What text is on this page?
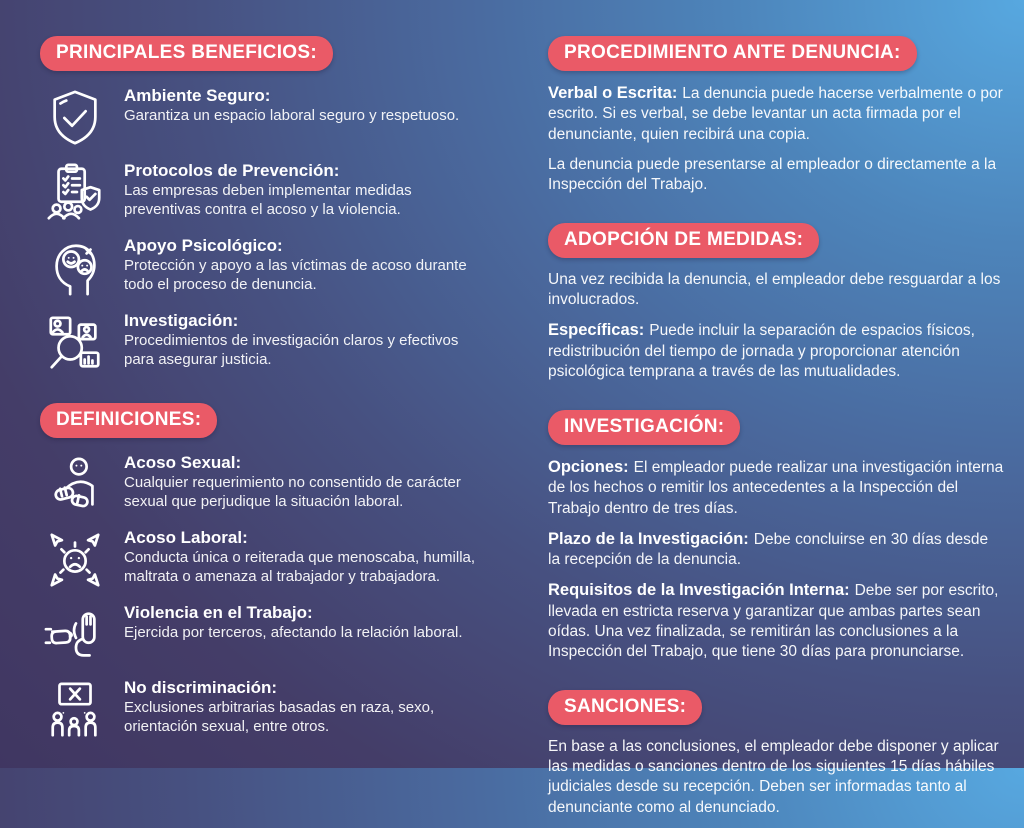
PRINCIPALES BENEFICIOS:
Ambiente Seguro:
Garantiza un espacio laboral seguro y respetuoso.
Protocolos de Prevención:
Las empresas deben implementar medidas preventivas contra el acoso y la violencia.
Apoyo Psicológico:
Protección y apoyo a las víctimas de acoso durante todo el proceso de denuncia.
Investigación:
Procedimientos de investigación claros y efectivos para asegurar justicia.
DEFINICIONES:
Acoso Sexual:
Cualquier requerimiento no consentido de carácter sexual que perjudique la situación laboral.
Acoso Laboral:
Conducta única o reiterada que menoscaba, humilla, maltrata o amenaza al trabajador y trabajadora.
Violencia en el Trabajo:
Ejercida por terceros, afectando la relación laboral.
No discriminación:
Exclusiones arbitrarias basadas en raza, sexo, orientación sexual, entre otros.
PROCEDIMIENTO ANTE DENUNCIA:

Verbal o Escrita: La denuncia puede hacerse verbalmente o por escrito. Si es verbal, se debe levantar un acta firmada por el denunciante, quien recibirá una copia.

La denuncia puede presentarse al empleador o directamente a la Inspección del Trabajo.

ADOPCIÓN DE MEDIDAS:

Una vez recibida la denuncia, el empleador debe resguardar a los involucrados.

Específicas: Puede incluir la separación de espacios físicos, redistribución del tiempo de jornada y proporcionar atención psicológica temprana a través de las mutualidades.

INVESTIGACIÓN:

Opciones: El empleador puede realizar una investigación interna de los hechos o remitir los antecedentes a la Inspección del Trabajo dentro de tres días.

Plazo de la Investigación: Debe concluirse en 30 días desde la recepción de la denuncia.

Requisitos de la Investigación Interna: Debe ser por escrito, llevada en estricta reserva y garantizar que ambas partes sean oídas. Una vez finalizada, se remitirán las conclusiones a la Inspección del Trabajo, que tiene 30 días para pronunciarse.

SANCIONES:

En base a las conclusiones, el empleador debe disponer y aplicar las medidas o sanciones dentro de los siguientes 15 días hábiles judiciales desde su recepción. Deben ser informadas tanto al denunciante como al denunciado.
